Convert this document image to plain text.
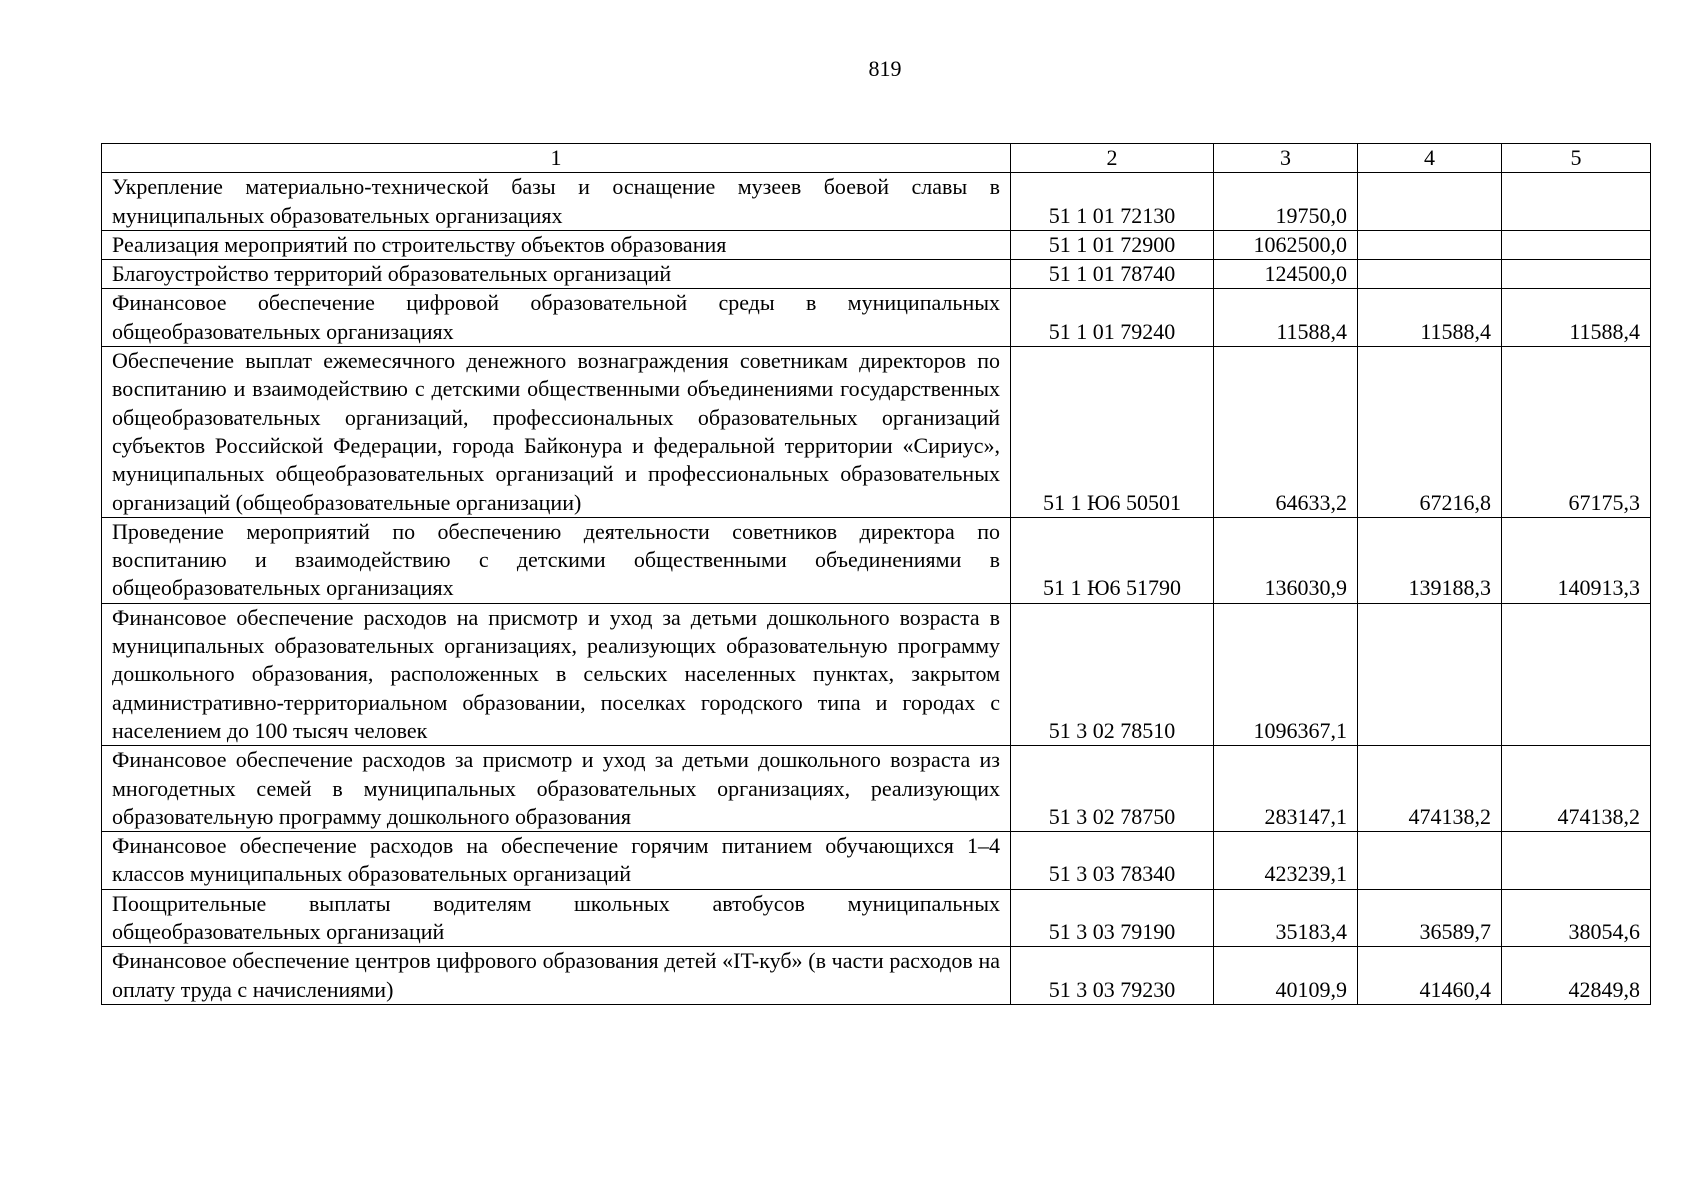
819
1	2	3	4	5
Укрепление материально-технической базы и оснащение музеев боевой славы в муниципальных образовательных организациях	51 1 01 72130	19750,0		
Реализация мероприятий по строительству объектов образования	51 1 01 72900	1062500,0		
Благоустройство территорий образовательных организаций	51 1 01 78740	124500,0		
Финансовое обеспечение цифровой образовательной среды в муниципальных общеобразовательных организациях	51 1 01 79240	11588,4	11588,4	11588,4
Обеспечение выплат ежемесячного денежного вознаграждения советникам директоров по воспитанию и взаимодействию с детскими общественными объединениями государственных общеобразовательных организаций, профессиональных образовательных организаций субъектов Российской Федерации, города Байконура и федеральной территории «Сириус», муниципальных общеобразовательных организаций и профессиональных образовательных организаций (общеобразовательные организации)	51 1 Ю6 50501	64633,2	67216,8	67175,3
Проведение мероприятий по обеспечению деятельности советников директора по воспитанию и взаимодействию с детскими общественными объединениями в общеобразовательных организациях	51 1 Ю6 51790	136030,9	139188,3	140913,3
Финансовое обеспечение расходов на присмотр и уход за детьми дошкольного возраста в муниципальных образовательных организациях, реализующих образовательную программу дошкольного образования, расположенных в сельских населенных пунктах, закрытом административно-территориальном образовании, поселках городского типа и городах с населением до 100 тысяч человек	51 3 02 78510	1096367,1		
Финансовое обеспечение расходов за присмотр и уход за детьми дошкольного возраста из многодетных семей в муниципальных образовательных организациях, реализующих образовательную программу дошкольного образования	51 3 02 78750	283147,1	474138,2	474138,2
Финансовое обеспечение расходов на обеспечение горячим питанием обучающихся 1–4 классов муниципальных образовательных организаций	51 3 03 78340	423239,1		
Поощрительные выплаты водителям школьных автобусов муниципальных общеобразовательных организаций	51 3 03 79190	35183,4	36589,7	38054,6
Финансовое обеспечение центров цифрового образования детей «IT-куб» (в части расходов на оплату труда с начислениями)	51 3 03 79230	40109,9	41460,4	42849,8
